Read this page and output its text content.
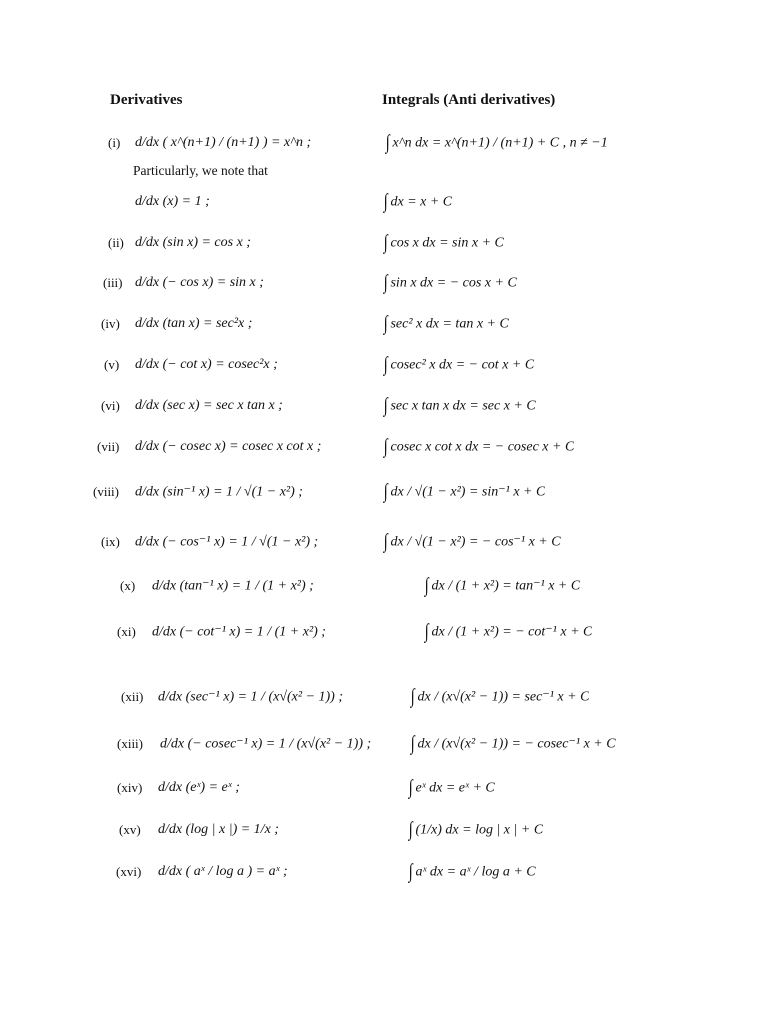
Derivatives	Integrals (Anti derivatives)
Particularly, we note that
(i) d/dx ( x^(n+1) / (n+1) ) = x^n ;	∫ x^n dx = x^(n+1) / (n+1) + C , n ≠ −1
d/dx (x) = 1 ;	∫ dx = x + C
(ii) d/dx (sin x) = cos x ;	∫ cos x dx = sin x + C
(iii) d/dx (− cos x) = sin x ;	∫ sin x dx = − cos x + C
(iv) d/dx (tan x) = sec²x ;	∫ sec² x dx = tan x + C
(v) d/dx (− cot x) = cosec²x ;	∫ cosec² x dx = − cot x + C
(vi) d/dx (sec x) = sec x tan x ;	∫ sec x tan x dx = sec x + C
(vii) d/dx (− cosec x) = cosec x cot x ;	∫ cosec x cot x dx = − cosec x + C
(viii) d/dx (sin⁻¹ x) = 1 / √(1 − x²) ;	∫ dx / √(1 − x²) = sin⁻¹ x + C
(ix) d/dx (− cos⁻¹ x) = 1 / √(1 − x²) ;	∫ dx / √(1 − x²) = − cos⁻¹ x + C
(x) d/dx (tan⁻¹ x) = 1 / (1 + x²) ;	∫ dx / (1 + x²) = tan⁻¹ x + C
(xi) d/dx (− cot⁻¹ x) = 1 / (1 + x²) ;	∫ dx / (1 + x²) = − cot⁻¹ x + C
(xii) d/dx (sec⁻¹ x) = 1 / (x√(x² − 1)) ;	∫ dx / (x√(x² − 1)) = sec⁻¹ x + C
(xiii) d/dx (− cosec⁻¹ x) = 1 / (x√(x² − 1)) ; ∫ dx / (x√(x² − 1)) = − cosec⁻¹ x + C
(xiv) d/dx (eˣ) = eˣ ;	∫ eˣ dx = eˣ + C
(xv) d/dx (log | x |) = 1/x ;	∫ (1/x) dx = log | x | + C
(xvi) d/dx ( aˣ / log a ) = aˣ ;	∫ aˣ dx = aˣ / log a + C
